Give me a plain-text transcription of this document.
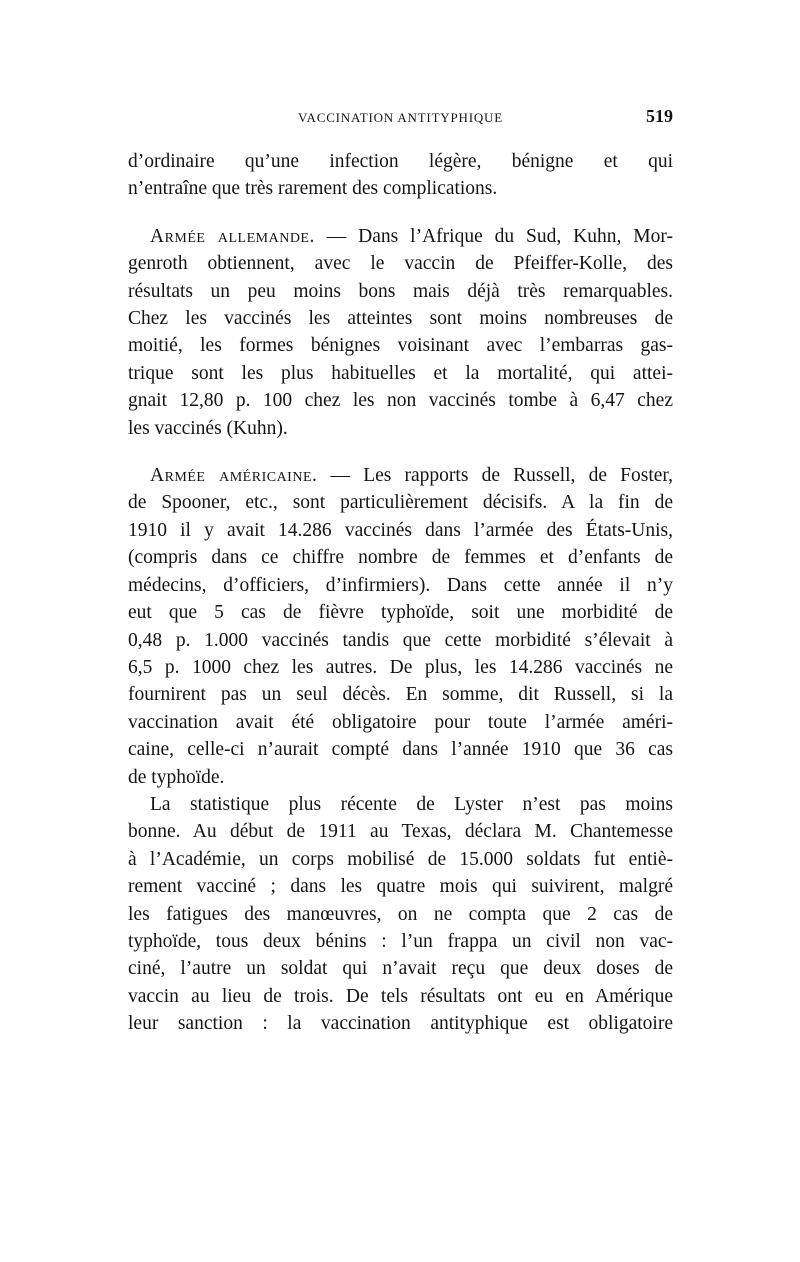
VACCINATION ANTITYPHIQUE	519
d’ordinaire qu’une infection légère, bénigne et qui
n’entraîne que très rarement des complications.
Armée allemande. — Dans l’Afrique du Sud, Kuhn, Mor-
genroth obtiennent, avec le vaccin de Pfeiffer-Kolle, des
résultats un peu moins bons mais déjà très remarquables.
Chez les vaccinés les atteintes sont moins nombreuses de
moitié, les formes bénignes voisinant avec l’embarras gas-
trique sont les plus habituelles et la mortalité, qui attei-
gnait 12,80 p. 100 chez les non vaccinés tombe à 6,47 chez
les vaccinés (Kuhn).
Armée américaine. — Les rapports de Russell, de Foster,
de Spooner, etc., sont particulièrement décisifs. A la fin de
1910 il y avait 14.286 vaccinés dans l’armée des États-Unis,
(compris dans ce chiffre nombre de femmes et d’enfants de
médecins, d’officiers, d’infirmiers). Dans cette année il n’y
eut que 5 cas de fièvre typhoïde, soit une morbidité de
0,48 p. 1.000 vaccinés tandis que cette morbidité s’élevait à
6,5 p. 1000 chez les autres. De plus, les 14.286 vaccinés ne
fournirent pas un seul décès. En somme, dit Russell, si la
vaccination avait été obligatoire pour toute l’armée améri-
caine, celle-ci n’aurait compté dans l’année 1910 que 36 cas
de typhoïde.
La statistique plus récente de Lyster n’est pas moins
bonne. Au début de 1911 au Texas, déclara M. Chantemesse
à l’Académie, un corps mobilisé de 15.000 soldats fut entiè-
rement vacciné ; dans les quatre mois qui suivirent, malgré
les fatigues des manœuvres, on ne compta que 2 cas de
typhoïde, tous deux bénins : l’un frappa un civil non vac-
ciné, l’autre un soldat qui n’avait reçu que deux doses de
vaccin au lieu de trois. De tels résultats ont eu en Amérique
leur sanction : la vaccination antityphique est obligatoire
